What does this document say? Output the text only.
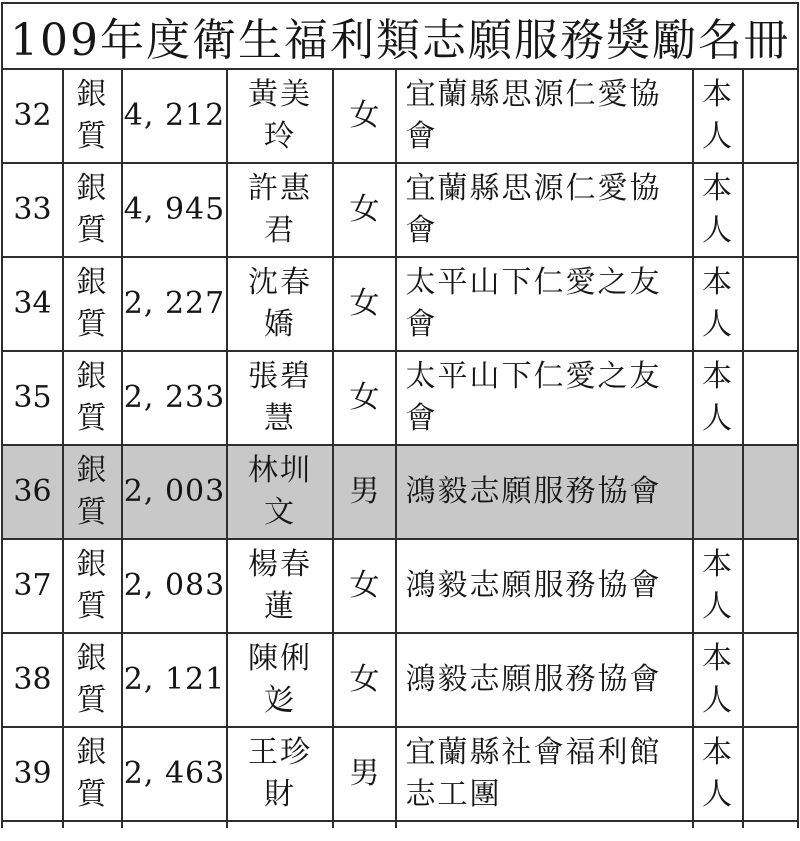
109年度衛生福利類志願服務獎勵名冊							
32	銀質	4, 212	黃美玲	女	宜蘭縣思源仁愛協會	本人	
33	銀質	4, 945	許惠君	女	宜蘭縣思源仁愛協會	本人	
34	銀質	2, 227	沈春嬌	女	太平山下仁愛之友會	本人	
35	銀質	2, 233	張碧慧	女	太平山下仁愛之友會	本人	
36	銀質	2, 003	林圳文	男	鴻毅志願服務協會		
37	銀質	2, 083	楊春蓮	女	鴻毅志願服務協會	本人	
38	銀質	2, 121	陳俐彣	女	鴻毅志願服務協會	本人	
39	銀質	2, 463	王珍財	男	宜蘭縣社會福利館志工團	本人	
